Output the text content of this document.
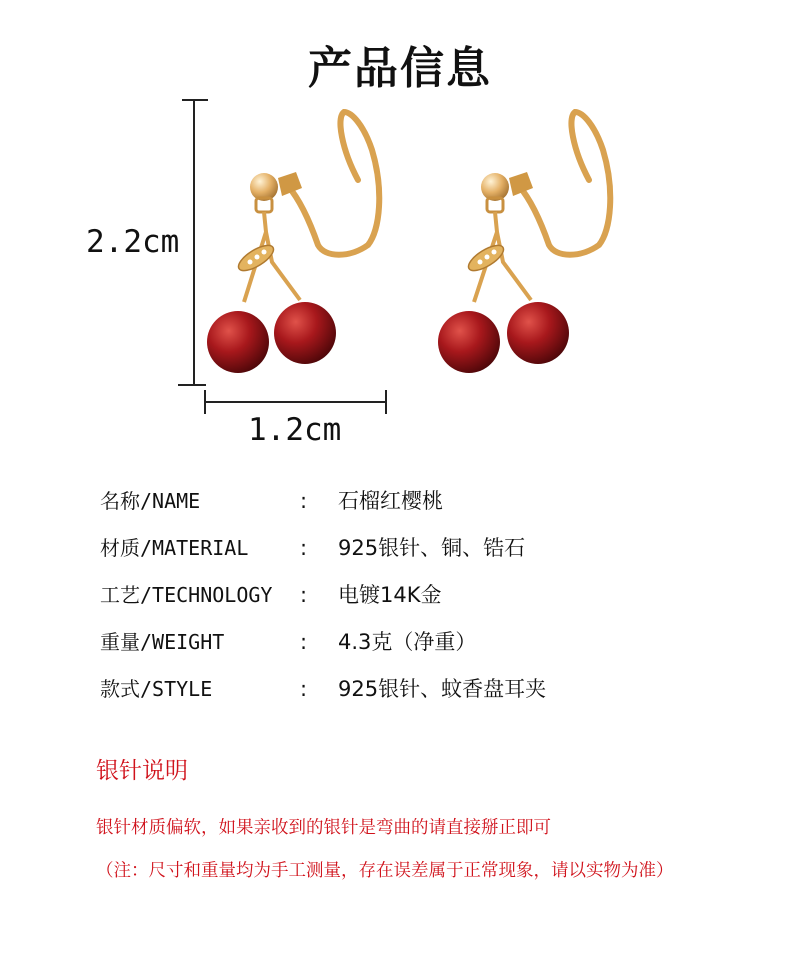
产品信息
2.2cm
1.2cm
名称/NAME	: 石榴红樱桃
材质/MATERIAL : 925银针、铜、锆石
工艺/TECHNOLOGY : 电镀14K金
重量/WEIGHT	: 4.3克（净重）
款式/STYLE	: 925银针、蚊香盘耳夹
银针说明
银针材质偏软，如果亲收到的银针是弯曲的请直接掰正即可
（注：尺寸和重量均为手工测量，存在误差属于正常现象，请以实物为准）
